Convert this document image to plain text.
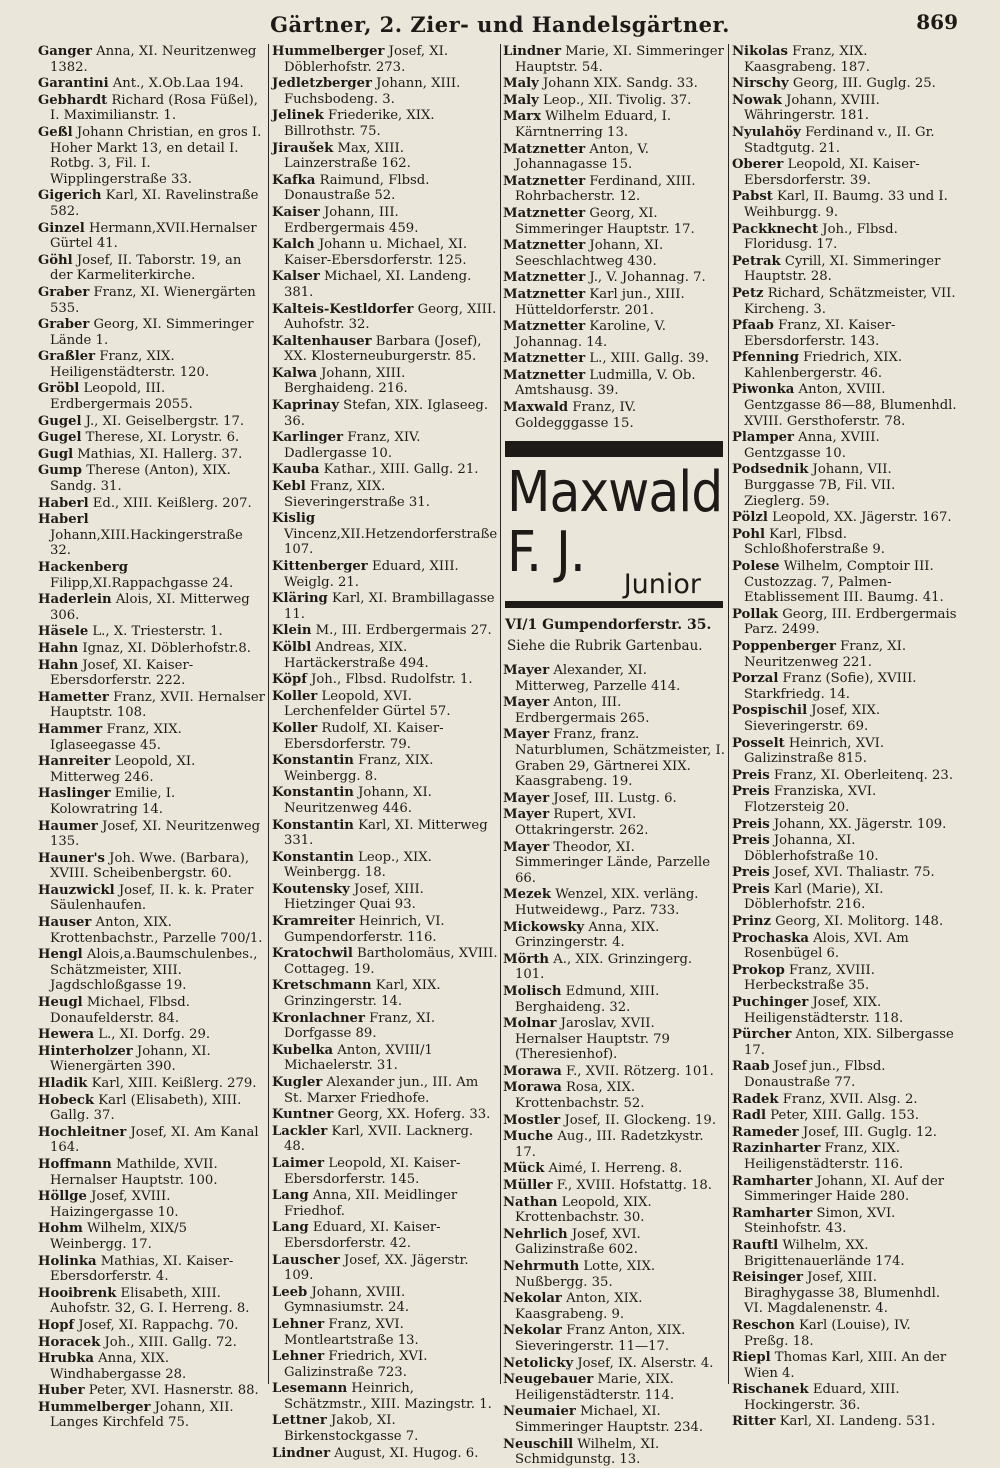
Gärtner, 2. Zier- und Handelsgärtner.	869
Ganger Anna, XI. Neuritzenweg 1382.
Garantini Ant., X.Ob.Laa 194.
Gebhardt Richard (Rosa Füßel), I. Maximilianstr. 1.
Geßl Johann Christian, en gros I. Hoher Markt 13, en detail I. Rotbg. 3, Fil. I. Wipplingerstraße 33.
Gigerich Karl, XI. Ravelinstraße 582.
Ginzel Hermann,XVII.Hernalser Gürtel 41.
Göhl Josef, II. Taborstr. 19, an der Karmeliterkirche.
Graber Franz, XI. Wienergärten 535.
Graber Georg, XI. Simmeringer Lände 1.
Graßler Franz, XIX. Heiligenstädterstr. 120.
Gröbl Leopold, III. Erdbergermais 2055.
Gugel J., XI. Geiselbergstr. 17.
Gugel Therese, XI. Lorystr. 6.
Gugl Mathias, XI. Hallerg. 37.
Gump Therese (Anton), XIX. Sandg. 31.
Haberl Ed., XIII. Keißlerg. 207.
Haberl Johann,XIII.Hackingerstraße 32.
Hackenberg Filipp,XI.Rappachgasse 24.
Haderlein Alois, XI. Mitterweg 306.
Häsele L., X. Triesterstr. 1.
Hahn Ignaz, XI. Döblerhofstr.8.
Hahn Josef, XI. Kaiser-Ebersdorferstr. 222.
Hametter Franz, XVII. Hernalser Hauptstr. 108.
Hammer Franz, XIX. Iglaseegasse 45.
Hanreiter Leopold, XI. Mitterweg 246.
Haslinger Emilie, I. Kolowratring 14.
Haumer Josef, XI. Neuritzenweg 135.
Hauner's Joh. Wwe. (Barbara), XVIII. Scheibenbergstr. 60.
Hauzwickl Josef, II. k. k. Prater Säulenhaufen.
Hauser Anton, XIX. Krottenbachstr., Parzelle 700/1.
Hengl Alois,a.Baumschulenbes., Schätzmeister, XIII. Jagdschloßgasse 19.
Heugl Michael, Flbsd. Donaufelderstr. 84.
Hewera L., XI. Dorfg. 29.
Hinterholzer Johann, XI. Wienergärten 390.
Hladik Karl, XIII. Keißlerg. 279.
Hobeck Karl (Elisabeth), XIII. Gallg. 37.
Hochleitner Josef, XI. Am Kanal 164.
Hoffmann Mathilde, XVII. Hernalser Hauptstr. 100.
Höllge Josef, XVIII. Haizingergasse 10.
Hohm Wilhelm, XIX/5 Weinbergg. 17.
Holinka Mathias, XI. Kaiser-Ebersdorferstr. 4.
Hooibrenk Elisabeth, XIII. Auhofstr. 32, G. I. Herreng. 8.
Hopf Josef, XI. Rappachg. 70.
Horacek Joh., XIII. Gallg. 72.
Hrubka Anna, XIX. Windhabergasse 28.
Huber Peter, XVI. Hasnerstr. 88.
Hummelberger Johann, XII. Langes Kirchfeld 75.
Hummelberger Josef, XI. Döblerhofstr. 273.
Jedletzberger Johann, XIII. Fuchsbodeng. 3.
Jelinek Friederike, XIX. Billrothstr. 75.
Jiraušek Max, XIII. Lainzerstraße 162.
Kafka Raimund, Flbsd. Donaustraße 52.
Kaiser Johann, III. Erdbergermais 459.
Kalch Johann u. Michael, XI. Kaiser-Ebersdorferstr. 125.
Kalser Michael, XI. Landeng. 381.
Kalteis-Kestldorfer Georg, XIII. Auhofstr. 32.
Kaltenhauser Barbara (Josef), XX. Klosterneuburgerstr. 85.
Kalwa Johann, XIII. Berghaideng. 216.
Kaprinay Stefan, XIX. Iglaseeg. 36.
Karlinger Franz, XIV. Dadlergasse 10.
Kauba Kathar., XIII. Gallg. 21.
Kebl Franz, XIX. Sieveringerstraße 31.
Kislig Vincenz,XII.Hetzendorferstraße 107.
Kittenberger Eduard, XIII. Weiglg. 21.
Kläring Karl, XI. Brambillagasse 11.
Klein M., III. Erdbergermais 27.
Kölbl Andreas, XIX. Hartäckerstraße 494.
Köpf Joh., Flbsd. Rudolfstr. 1.
Koller Leopold, XVI. Lerchenfelder Gürtel 57.
Koller Rudolf, XI. Kaiser-Ebersdorferstr. 79.
Konstantin Franz, XIX. Weinbergg. 8.
Konstantin Johann, XI. Neuritzenweg 446.
Konstantin Karl, XI. Mitterweg 331.
Konstantin Leop., XIX. Weinbergg. 18.
Koutensky Josef, XIII. Hietzinger Quai 93.
Kramreiter Heinrich, VI. Gumpendorferstr. 116.
Kratochwil Bartholomäus, XVIII. Cottageg. 19.
Kretschmann Karl, XIX. Grinzingerstr. 14.
Kronlachner Franz, XI. Dorfgasse 89.
Kubelka Anton, XVIII/1 Michaelerstr. 31.
Kugler Alexander jun., III. Am St. Marxer Friedhofe.
Kuntner Georg, XX. Hoferg. 33.
Lackler Karl, XVII. Lacknerg. 48.
Laimer Leopold, XI. Kaiser-Ebersdorferstr. 145.
Lang Anna, XII. Meidlinger Friedhof.
Lang Eduard, XI. Kaiser-Ebersdorferstr. 42.
Lauscher Josef, XX. Jägerstr. 109.
Leeb Johann, XVIII. Gymnasiumstr. 24.
Lehner Franz, XVI. Montleartstraße 13.
Lehner Friedrich, XVI. Galizinstraße 723.
Lesemann Heinrich, Schätzmstr., XIII. Mazingstr. 1.
Lettner Jakob, XI. Birkenstockgasse 7.
Lindner August, XI. Hugog. 6.
Lindner Marie, XI. Simmeringer Hauptstr. 54.
Maly Johann XIX. Sandg. 33.
Maly Leop., XII. Tivolig. 37.
Marx Wilhelm Eduard, I. Kärntnerring 13.
Matznetter Anton, V. Johannagasse 15.
Matznetter Ferdinand, XIII. Rohrbacherstr. 12.
Matznetter Georg, XI. Simmeringer Hauptstr. 17.
Matznetter Johann, XI. Seeschlachtweg 430.
Matznetter J., V. Johannag. 7.
Matznetter Karl jun., XIII. Hütteldorferstr. 201.
Matznetter Karoline, V. Johannag. 14.
Matznetter L., XIII. Gallg. 39.
Matznetter Ludmilla, V. Ob. Amtshausg. 39.
Maxwald Franz, IV. Goldegggasse 15.
Maxwald F. J.	Junior
VI/1 Gumpendorferstr. 35.
Siehe die Rubrik Gartenbau.
Mayer Alexander, XI. Mitterweg, Parzelle 414.
Mayer Anton, III. Erdbergermais 265.
Mayer Franz, franz. Naturblumen, Schätzmeister, I. Graben 29, Gärtnerei XIX. Kaasgrabeng. 19.
Mayer Josef, III. Lustg. 6.
Mayer Rupert, XVI. Ottakringerstr. 262.
Mayer Theodor, XI. Simmeringer Lände, Parzelle 66.
Mezek Wenzel, XIX. verläng. Hutweidewg., Parz. 733.
Mickowsky Anna, XIX. Grinzingerstr. 4.
Mörth A., XIX. Grinzingerg. 101.
Molisch Edmund, XIII. Berghaideng. 32.
Molnar Jaroslav, XVII. Hernalser Hauptstr. 79 (Theresienhof).
Morawa F., XVII. Rötzerg. 101.
Morawa Rosa, XIX. Krottenbachstr. 52.
Mostler Josef, II. Glockeng. 19.
Muche Aug., III. Radetzkystr. 17.
Mück Aimé, I. Herreng. 8.
Müller F., XVIII. Hofstattg. 18.
Nathan Leopold, XIX. Krottenbachstr. 30.
Nehrlich Josef, XVI. Galizinstraße 602.
Nehrmuth Lotte, XIX. Nußbergg. 35.
Nekolar Anton, XIX. Kaasgrabeng. 9.
Nekolar Franz Anton, XIX. Sieveringerstr. 11—17.
Netolicky Josef, IX. Alserstr. 4.
Neugebauer Marie, XIX. Heiligenstädterstr. 114.
Neumaier Michael, XI. Simmeringer Hauptstr. 234.
Neuschill Wilhelm, XI. Schmidgunstg. 13.
Nikolas Franz, XIX. Kaasgrabeng. 187.
Nirschy Georg, III. Guglg. 25.
Nowak Johann, XVIII. Währingerstr. 181.
Nyulahöy Ferdinand v., II. Gr. Stadtgutg. 21.
Oberer Leopold, XI. Kaiser-Ebersdorferstr. 39.
Pabst Karl, II. Baumg. 33 und I. Weihburgg. 9.
Packknecht Joh., Flbsd. Floridusg. 17.
Petrak Cyrill, XI. Simmeringer Hauptstr. 28.
Petz Richard, Schätzmeister, VII. Kircheng. 3.
Pfaab Franz, XI. Kaiser-Ebersdorferstr. 143.
Pfenning Friedrich, XIX. Kahlenbergerstr. 46.
Piwonka Anton, XVIII. Gentzgasse 86—88, Blumenhdl. XVIII. Gersthoferstr. 78.
Plamper Anna, XVIII. Gentzgasse 10.
Podsednik Johann, VII. Burggasse 7B, Fil. VII. Zieglerg. 59.
Pölzl Leopold, XX. Jägerstr. 167.
Pohl Karl, Flbsd. Schloßhoferstraße 9.
Polese Wilhelm, Comptoir III. Custozzag. 7, Palmen-Etablissement III. Baumg. 41.
Pollak Georg, III. Erdbergermais Parz. 2499.
Poppenberger Franz, XI. Neuritzenweg 221.
Porzal Franz (Sofie), XVIII. Starkfriedg. 14.
Pospischil Josef, XIX. Sieveringerstr. 69.
Posselt Heinrich, XVI. Galizinstraße 815.
Preis Franz, XI. Oberleitenq. 23.
Preis Franziska, XVI. Flotzersteig 20.
Preis Johann, XX. Jägerstr. 109.
Preis Johanna, XI. Döblerhofstraße 10.
Preis Josef, XVI. Thaliastr. 75.
Preis Karl (Marie), XI. Döblerhofstr. 216.
Prinz Georg, XI. Molitorg. 148.
Prochaska Alois, XVI. Am Rosenbügel 6.
Prokop Franz, XVIII. Herbeckstraße 35.
Puchinger Josef, XIX. Heiligenstädterstr. 118.
Pürcher Anton, XIX. Silbergasse 17.
Raab Josef jun., Flbsd. Donaustraße 77.
Radek Franz, XVII. Alsg. 2.
Radl Peter, XIII. Gallg. 153.
Rameder Josef, III. Guglg. 12.
Razinharter Franz, XIX. Heiligenstädterstr. 116.
Ramharter Johann, XI. Auf der Simmeringer Haide 280.
Ramharter Simon, XVI. Steinhofstr. 43.
Rauftl Wilhelm, XX. Brigittenauerlände 174.
Reisinger Josef, XIII. Biraghygasse 38, Blumenhdl. VI. Magdalenenstr. 4.
Reschon Karl (Louise), IV. Preßg. 18.
Riepl Thomas Karl, XIII. An der Wien 4.
Rischanek Eduard, XIII. Hockingerstr. 36.
Ritter Karl, XI. Landeng. 531.
